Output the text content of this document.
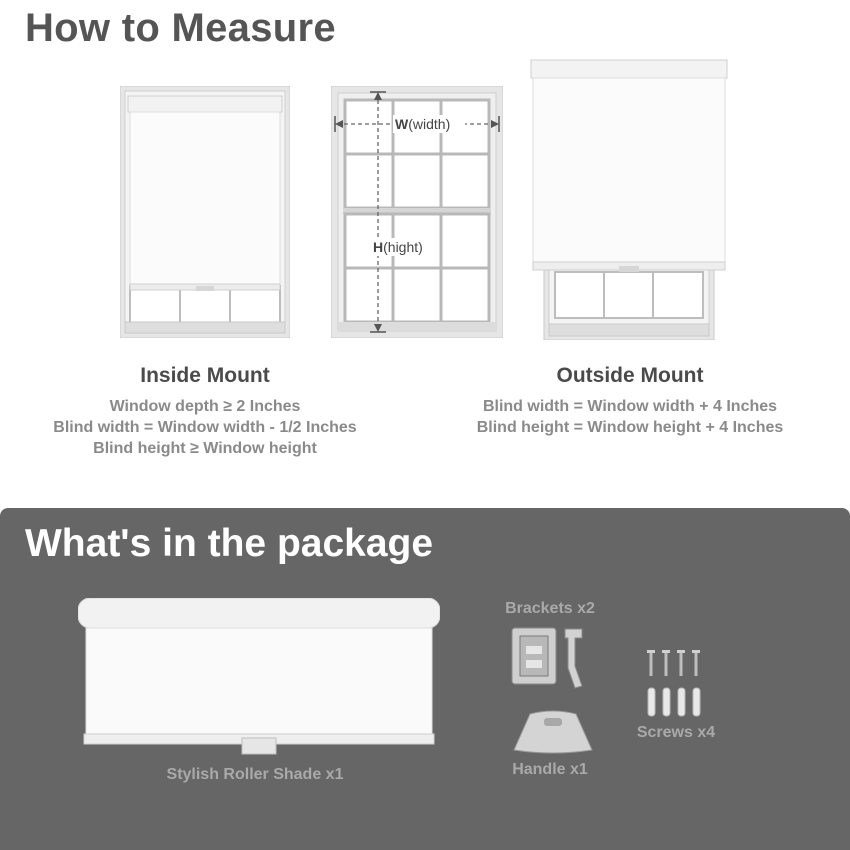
How to Measure
W(width)
H(hight)
Inside Mount
Window depth ≥ 2 Inches
Blind width = Window width - 1/2 Inches
Blind height ≥ Window height
Outside Mount
Blind width = Window width + 4 Inches
Blind height = Window height + 4 Inches
What's in the package
Stylish Roller Shade x1
Brackets x2
Handle x1
Screws x4
